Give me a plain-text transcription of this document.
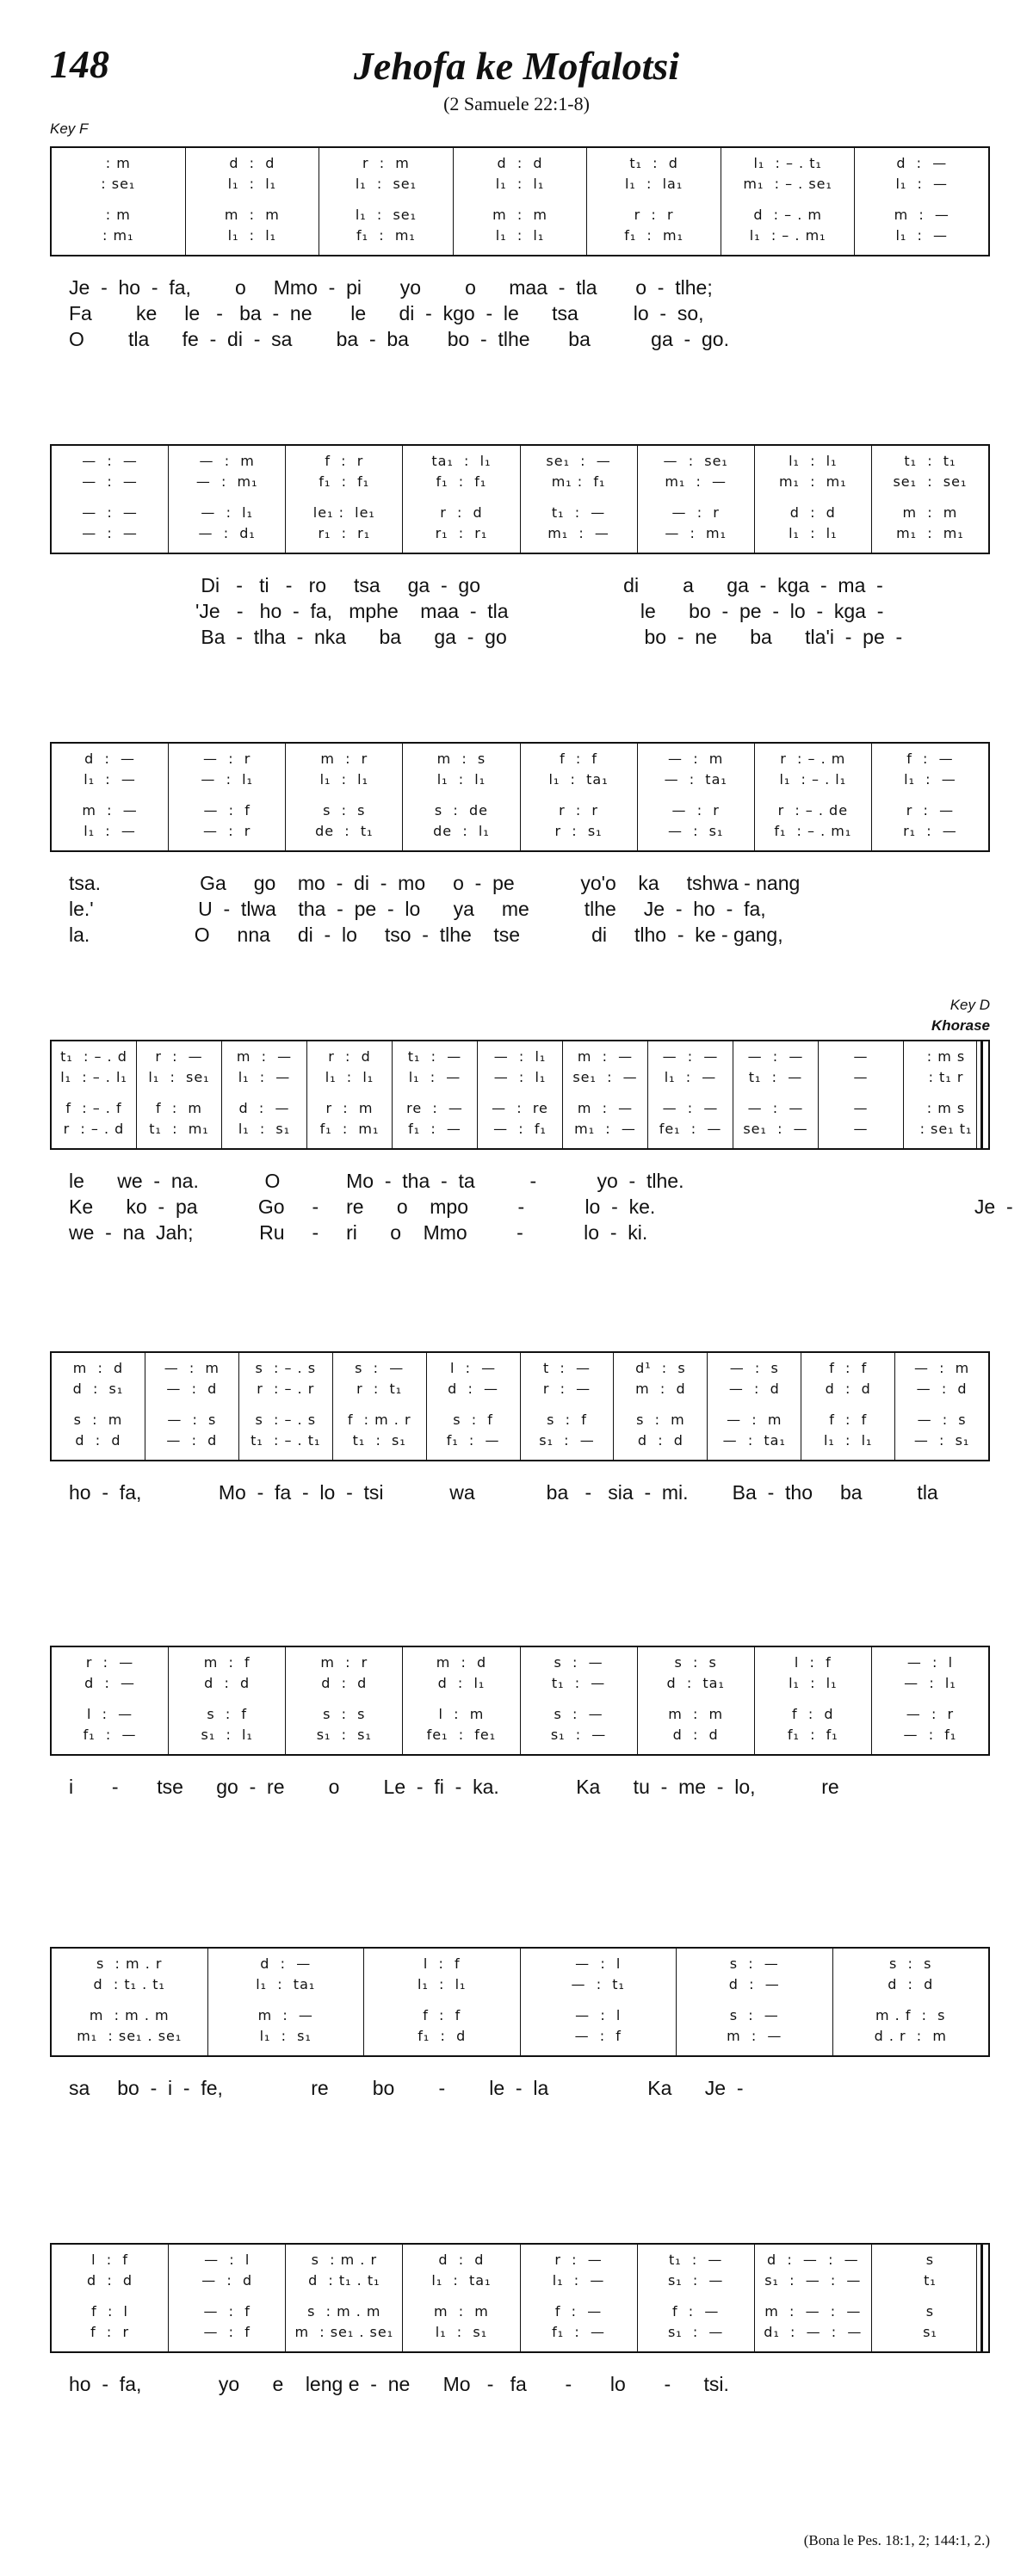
148	Jehofa ke Mofalotsi
(2 Samuele 22:1-8)
Key F
Key D
Khorase
: m
: se₁
: m
: m₁
d  :  d
l₁  :  l₁
m  :  m
l₁  :  l₁
r  :  m
l₁  :  se₁
l₁  :  se₁
f₁  :  m₁
d  :  d
l₁  :  l₁
m  :  m
l₁  :  l₁
t₁  :  d
l₁  :  la₁
r  :  r
f₁  :  m₁
l₁  : – . t₁
m₁  : – . se₁
d  : – . m
l₁  : – . m₁
d  :  —
l₁  :  —
m  :  —
l₁  :  —
Je  -  ho  -  fa,        o     Mmo  -  pi       yo        o      maa  -  tla       o  -  tlhe;
Fa        ke     le   -   ba  -  ne       le      di  -  kgo  -  le      tsa          lo  -  so,
O        tla      fe  -  di  -  sa        ba  -  ba       bo  -  tlhe       ba           ga  -  go.
—  :  —
—  :  —
—  :  —
—  :  —
—  :  m
—  :  m₁
—  :  l₁
—  :  d₁
f  :  r
f₁  :  f₁
le₁ :  le₁
r₁  :  r₁
ta₁  :  l₁
f₁  :  f₁
r  :  d
r₁  :  r₁
se₁  :  —
m₁ :  f₁
t₁  :  —
m₁  :  —
—  :  se₁
m₁  :  —
—  :  r
—  :  m₁
l₁  :  l₁
m₁  :  m₁
d  :  d
l₁  :  l₁
t₁  :  t₁
se₁  :  se₁
m  :  m
m₁  :  m₁
Di   -   ti   -   ro     tsa     ga  -  go                          di        a      ga  -  kga  -  ma  -
'Je   -   ho  -  fa,   mphe    maa  -  tla                        le      bo  -  pe  -  lo  -  kga  -
Ba  -  tlha  -  nka      ba      ga  -  go                         bo  -  ne      ba      tla'i  -  pe  -
d  :  —
l₁  :  —
m  :  —
l₁  :  —
—  :  r
—  :  l₁
—  :  f
—  :  r
m  :  r
l₁  :  l₁
s  :  s
de  :  t₁
m  :  s
l₁  :  l₁
s  :  de
de  :  l₁
f  :  f
l₁  :  ta₁
r  :  r
r  :  s₁
—  :  m
—  :  ta₁
—  :  r
—  :  s₁
r  : – . m
l₁  : – . l₁
r  : – . de
f₁  : – . m₁
f  :  —
l₁  :  —
r  :  —
r₁  :  —
tsa.                  Ga     go    mo  -  di  -  mo     o  -  pe            yo'o    ka     tshwa - nang
le.'                   U  -  tlwa    tha  -  pe  -  lo      ya     me          tlhe     Je  -  ho  -  fa,
la.                   O     nna     di  -  lo     tso  -  tlhe    tse             di     tlho  -  ke - gang,
t₁  : – . d
l₁  : – . l₁
f  : – . f
r  : – . d
r  :  —
l₁  :  se₁
f  :  m
t₁  :  m₁
m  :  —
l₁  :  —
d  :  —
l₁  :  s₁
r  :  d
l₁  :  l₁
r  :  m
f₁  :  m₁
t₁  :  —
l₁  :  —
re  :  —
f₁  :  —
—  :  l₁
—  :  l₁
—  :  re
—  :  f₁
m  :  —
se₁  :  —
m  :  —
m₁  :  —
—  :  —
l₁  :  —
—  :  —
fe₁  :  —
—  :  —
t₁  :  —
—  :  —
se₁  :  —
—
—
—
—
: m s
: t₁ r
: m s
: se₁ t₁
le      we  -  na.            O            Mo  -  tha  -  ta          -           yo  -  tlhe.
Ke      ko  -  pa           Go     -     re      o    mpo         -           lo  -  ke.                                                          Je  -
we  -  na  Jah;            Ru     -     ri      o    Mmo         -           lo  -  ki.
m  :  d
d  :  s₁
s  :  m
d  :  d
—  :  m
—  :  d
—  :  s
—  :  d
s  : – . s
r  : – . r
s  : – . s
t₁  : – . t₁
s  :  —
r  :  t₁
f  : m . r
t₁  :  s₁
l  :  —
d  :  —
s  :  f
f₁  :  —
t  :  —
r  :  —
s  :  f
s₁  :  —
d¹  :  s
m  :  d
s  :  m
d  :  d
—  :  s
—  :  d
—  :  m
—  :  ta₁
f  :  f
d  :  d
f  :  f
l₁  :  l₁
—  :  m
—  :  d
—  :  s
—  :  s₁
ho  -  fa,              Mo  -  fa  -  lo  -  tsi            wa             ba   -   sia  -  mi.        Ba  -  tho     ba          tla
r  :  —
d  :  —
l  :  —
f₁  :  —
m  :  f
d  :  d
s  :  f
s₁  :  l₁
m  :  r
d  :  d
s  :  s
s₁  :  s₁
m  :  d
d  :  l₁
l  :  m
fe₁  :  fe₁
s  :  —
t₁  :  —
s  :  —
s₁  :  —
s  :  s
d  :  ta₁
m  :  m
d  :  d
l  :  f
l₁  :  l₁
f  :  d
f₁  :  f₁
—  :  l
—  :  l₁
—  :  r
—  :  f₁
i       -       tse      go  -  re        o        Le  -  fi  -  ka.              Ka      tu  -  me  -  lo,            re
s  : m . r
d  : t₁ . t₁
m  : m . m
m₁  : se₁ . se₁
d  :  —
l₁  :  ta₁
m  :  —
l₁  :  s₁
l  :  f
l₁  :  l₁
f  :  f
f₁  :  d
—  :  l
—  :  t₁
—  :  l
—  :  f
s  :  —
d  :  —
s  :  —
m  :  —
s  :  s
d  :  d
m . f  :  s
d . r  :  m
sa     bo  -  i  -  fe,                re        bo        -        le  -  la                  Ka      Je  -
l  :  f
d  :  d
f  :  l
f  :  r
—  :  l
—  :  d
—  :  f
—  :  f
s  : m . r
d  : t₁ . t₁
s  : m . m
m  : se₁ . se₁
d  :  d
l₁  :  ta₁
m  :  m
l₁  :  s₁
r  :  —
l₁  :  —
f  :  —
f₁  :  —
t₁  :  —
s₁  :  —
f  :  —
s₁  :  —
d  :  —  :  —
s₁  :  —  :  —
m  :  —  :  —
d₁  :  —  :  —
s
t₁
s
s₁
ho  -  fa,              yo      e    leng e  -  ne      Mo   -   fa       -       lo       -      tsi.
(Bona le Pes. 18:1, 2; 144:1, 2.)
